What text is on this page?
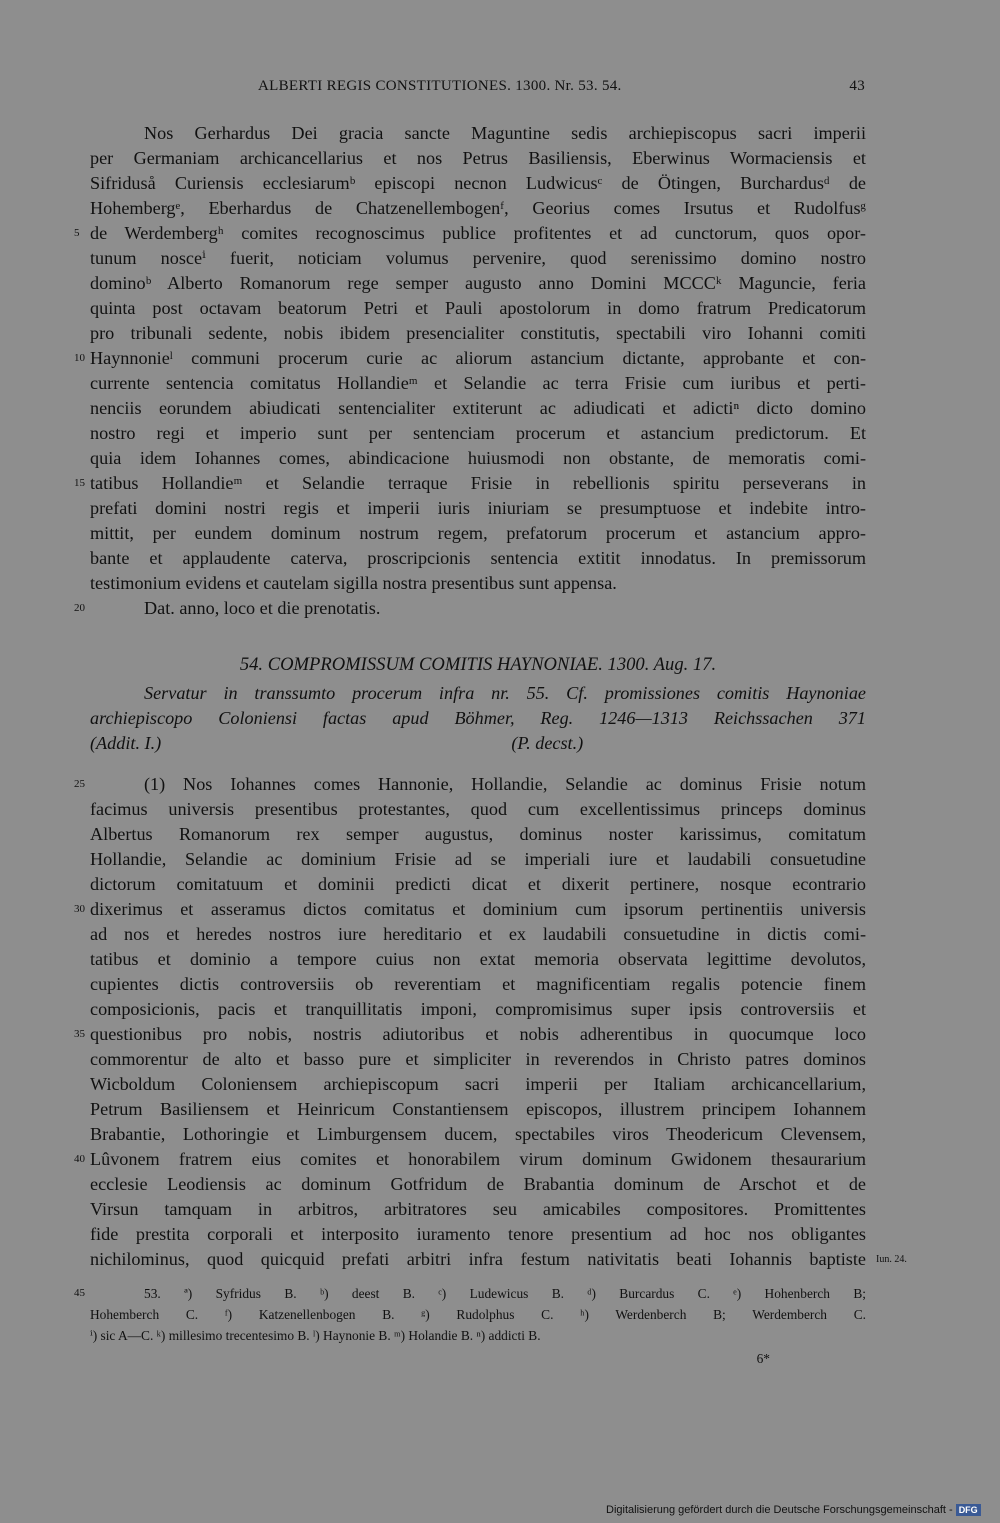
ALBERTI REGIS CONSTITUTIONES. 1300. Nr. 53. 54.	43
Nos Gerhardus Dei gracia sancte Maguntine sedis archiepiscopus sacri imperii
per Germaniam archicancellarius et nos Petrus Basiliensis, Eberwinus Wormaciensis et
Sifriduså Curiensis ecclesiarumᵇ episcopi necnon Ludwicusᶜ de Ötingen, Burchardusᵈ de
Hohembergᵉ, Eberhardus de Chatzenellembogenᶠ, Georius comes Irsutus et Rudolfusᵍ
de Werdembergʰ comites recognoscimus publice profitentes et ad cunctorum, quos opor-
tunum nosceⁱ fuerit, noticiam volumus pervenire, quod serenissimo domino nostro
dominoᵇ Alberto Romanorum rege semper augusto anno Domini MCCCᵏ Maguncie, feria
quinta post octavam beatorum Petri et Pauli apostolorum in domo fratrum Predicatorum
pro tribunali sedente, nobis ibidem presencialiter constitutis, spectabili viro Iohanni comiti
Haynnonieˡ communi procerum curie ac aliorum astancium dictante, approbante et con-
currente sentencia comitatus Hollandieᵐ et Selandie ac terra Frisie cum iuribus et perti-
nenciis eorundem abiudicati sentencialiter extiterunt ac adiudicati et adictiⁿ dicto domino
nostro regi et imperio sunt per sentenciam procerum et astancium predictorum. Et
quia idem Iohannes comes, abindicacione huiusmodi non obstante, de memoratis comi-
tatibus Hollandieᵐ et Selandie terraque Frisie in rebellionis spiritu perseverans in
prefati domini nostri regis et imperii iuris iniuriam se presumptuose et indebite intro-
mittit, per eundem dominum nostrum regem, prefatorum procerum et astancium appro-
bante et applaudente caterva, proscripcionis sentencia extitit innodatus. In premissorum
testimonium evidens et cautelam sigilla nostra presentibus sunt appensa.
Dat. anno, loco et die prenotatis.
54. COMPROMISSUM COMITIS HAYNONIAE. 1300. Aug. 17.
Servatur in transsumto procerum infra nr. 55. Cf. promissiones comitis Haynoniae
archiepiscopo Coloniensi factas apud Böhmer, Reg. 1246—1313 Reichssachen 371
(Addit. I.)                                                                             (P. decst.)
(1) Nos Iohannes comes Hannonie, Hollandie, Selandie ac dominus Frisie notum
facimus universis presentibus protestantes, quod cum excellentissimus princeps dominus
Albertus Romanorum rex semper augustus, dominus noster karissimus, comitatum
Hollandie, Selandie ac dominium Frisie ad se imperiali iure et laudabili consuetudine
dictorum comitatuum et dominii predicti dicat et dixerit pertinere, nosque econtrario
dixerimus et asseramus dictos comitatus et dominium cum ipsorum pertinentiis universis
ad nos et heredes nostros iure hereditario et ex laudabili consuetudine in dictis comi-
tatibus et dominio a tempore cuius non extat memoria observata legittime devolutos,
cupientes dictis controversiis ob reverentiam et magnificentiam regalis potencie finem
composicionis, pacis et tranquillitatis imponi, compromisimus super ipsis controversiis et
questionibus pro nobis, nostris adiutoribus et nobis adherentibus in quocumque loco
commorentur de alto et basso pure et simpliciter in reverendos in Christo patres dominos
Wicboldum Coloniensem archiepiscopum sacri imperii per Italiam archicancellarium,
Petrum Basiliensem et Heinricum Constantiensem episcopos, illustrem principem Iohannem
Brabantie, Lothoringie et Limburgensem ducem, spectabiles viros Theodericum Clevensem,
Lûvonem fratrem eius comites et honorabilem virum dominum Gwidonem thesaurarium
ecclesie Leodiensis ac dominum Gotfridum de Brabantia dominum de Arschot et de
Virsun tamquam in arbitros, arbitratores seu amicabiles compositores. Promittentes
fide prestita corporali et interposito iuramento tenore presentium ad hoc nos obligantes
nichilominus, quod quicquid prefati arbitri infra festum nativitatis beati Iohannis baptiste Iun. 24.
5
10
15
20
25
30
35
40
45	53. ª) Syfridus B. ᵇ) deest B. ᶜ) Ludewicus B. ᵈ) Burcardus C. ᵉ) Hohenberch B;
Hohemberch C. ᶠ) Katzenellenbogen B. ᵍ) Rudolphus C. ʰ) Werdenberch B; Werdemberch C.
ⁱ) sic A—C. ᵏ) millesimo trecentesimo B. ˡ) Haynonie B. ᵐ) Holandie B. ⁿ) addicti B.
6*
Digitalisierung gefördert durch die Deutsche Forschungsgemeinschaft - DFG
